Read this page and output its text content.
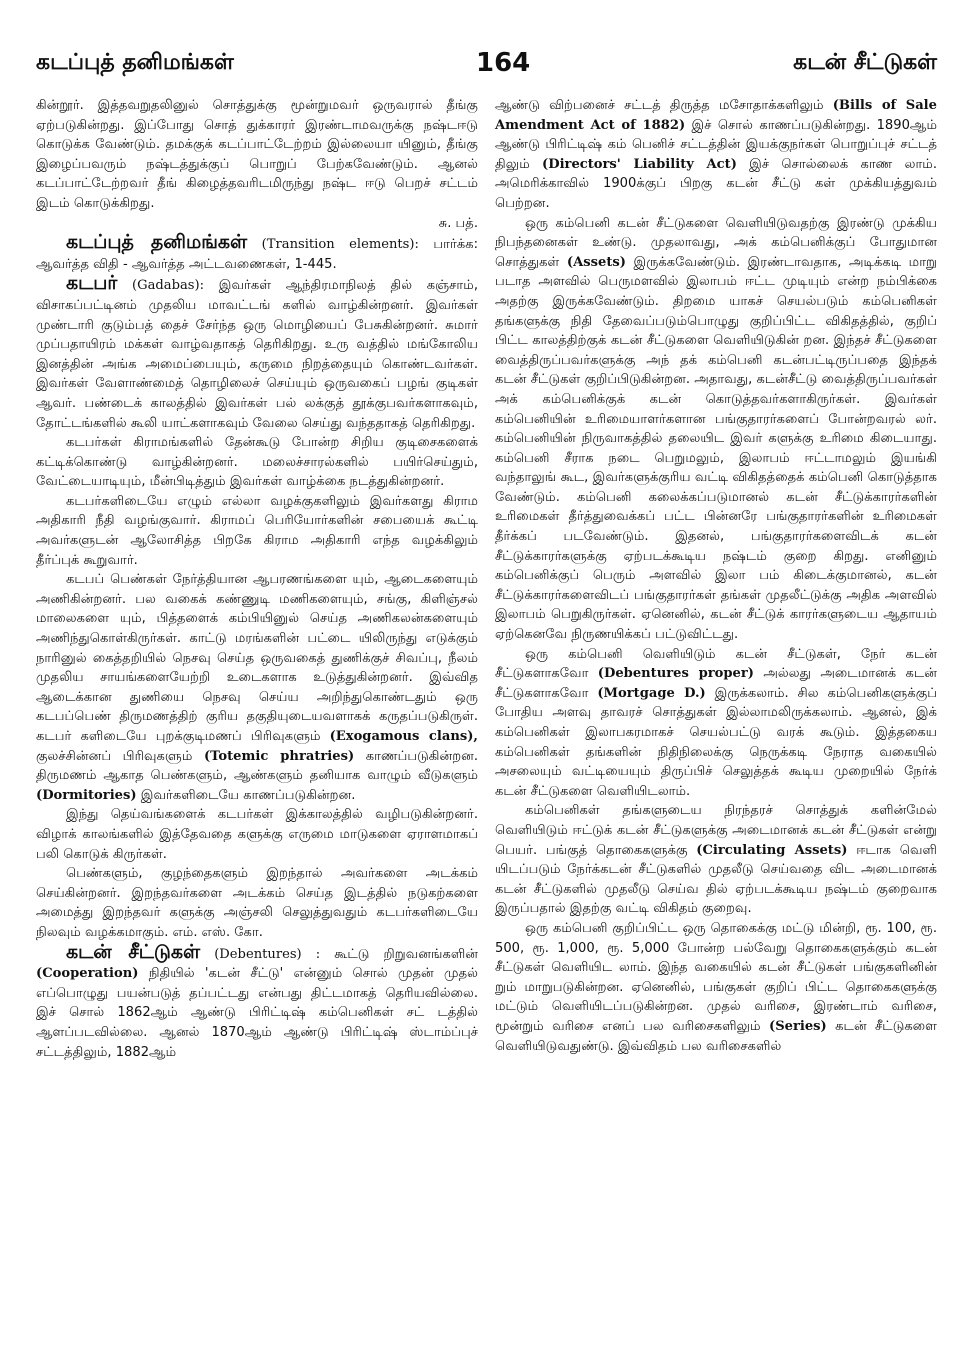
கடப்புத் தனிமங்கள்	164	கடன் சீட்டுகள்

கின்றூர். இத்தவறுதலினுல் சொத்துக்கு மூன்றுமவர் ஒருவரால் தீங்கு ஏற்படுகின்றது. இப்போது சொத் துக்காரர் இரண்டாமவருக்கு நஷ்டஈடு கொடுக்க வேண்டும். தமக்குக் கடப்பாட்டேற்றம் இல்லையா யினும், தீங்கு இழைப்பவரும் நஷ்டத்துக்குப் பொறுப் பேற்கவேண்டும். ஆனல் கடப்பாட்டேற்றவர் தீங் கிழைத்தவரிடமிருந்து நஷ்ட ஈடு பெறச் சட்டம் இடம் கொடுக்கிறது.

சு. பத்.

கடப்புத் தனிமங்கள் (Transition elements): பார்க்க: ஆவர்த்த விதி - ஆவர்த்த அட்டவணைகள், 1-445.

கடபர் (Gadabas): இவர்கள் ஆந்திரமாநிலத் தில் கஞ்சாம், விசாகப்பட்டினம் முதலிய மாவட்டங் களில் வாழ்கின்றனர். இவர்கள் முண்டாரி குடும்பத் தைச் சேர்ந்த ஒரு மொழியைப் பேசுகின்றனர். சுமார் முப்பதாயிரம் மக்கள் வாழ்வதாகத் தெரிகிறது. உரு வத்தில் மங்கோலிய இனத்தின் அங்க அமைப்பையும், கருமை நிறத்தையும் கொண்டவர்கள். இவர்கள் வேளாண்மைத் தொழிலைச் செய்யும் ஒருவகைப் பழங் குடிகள் ஆவர். பண்டைக் காலத்தில் இவர்கள் பல் லக்குத் தூக்குபவர்களாகவும், தோட்டங்களில் கூலி யாட்களாகவும் வேலை செய்து வந்ததாகத் தெரிகிறது.

கடபர்கள் கிராமங்களில் தேன்கூடு போன்ற சிறிய குடிசைகளைக் கட்டிக்கொண்டு வாழ்கின்றனர். மலைச்சாரல்களில் பயிர்செய்தும், வேட்டையாடியும், மீன்பிடித்தும் இவர்கள் வாழ்க்கை நடத்துகின்றனர்.

கடபர்களிடையே எழும் எல்லா வழக்குகளிலும் இவர்களது கிராம அதிகாரி நீதி வழங்குவார். கிராமப் பெரியோர்களின் சபையைக் கூட்டி அவர்களுடன் ஆலோசித்த பிறகே கிராம அதிகாரி எந்த வழக்கிலும் தீர்ப்புக் கூறுவார்.

கடபப் பெண்கள் நேர்த்தியான ஆபரணங்களை யும், ஆடைகளையும் அணிகின்றனர். பல வகைக் கண்ணுடி மணிகளையும், சங்கு, கிளிஞ்சல் மாலைகளை யும், பித்தளைக் கம்பியினுல் செய்த அணிகலன்களையும் அணிந்துகொள்கிருர்கள். காட்டு மரங்களின் பட்டை யிலிருந்து எடுக்கும் நாரினுல் கைத்தறியில் நெசவு செய்த ஒருவகைத் துணிக்குச் சிவப்பு, நீலம் முதலிய சாயங்களையேற்றி உடைகளாக உடுத்துகின்றனர். இவ்வித ஆடைக்கான துணியை நெசவு செய்ய அறிந்துகொண்டதும் ஒரு கடபப்பெண் திருமணத்திற் குரிய தகுதியுடையவளாகக் கருதப்படுகிருள். கடபர் களிடையே புறக்குடிமணப் பிரிவுகளும் (Exogamous clans), குலச்சின்னப் பிரிவுகளும் (Totemic phratries) காணப்படுகின்றன. திருமணம் ஆகாத பெண்களும், ஆண்களும் தனியாக வாழும் வீடுகளும் (Dormitories) இவர்களிடையே காணப்படுகின்றன.

இந்து தெய்வங்களைக் கடபர்கள் இக்காலத்தில் வழிபடுகின்றனர். விழாக் காலங்களில் இத்தேவதை களுக்கு எருமை மாடுகளை ஏராளமாகப் பலி கொடுக் கிருர்கள்.

பெண்களும், குழந்தைகளும் இறந்தால் அவர்களை அடக்கம் செய்கின்றனர். இறந்தவர்களை அடக்கம் செய்த இடத்தில் நடுகற்களை அமைத்து இறந்தவர் களுக்கு அஞ்சலி செலுத்துவதும் கடபர்களிடையே நிலவும் வழக்கமாகும். எம். எஸ். கோ.

கடன் சீட்டுகள் (Debentures) : கூட்டு றிறுவனங்களின் (Cooperation) நிதியில் 'கடன் சீட்டு' என்னும் சொல் முதன் முதல் எப்பொழுது பயன்படுத் தப்பட்டது என்பது திட்டமாகத் தெரியவில்லை. இச் சொல் 1862ஆம் ஆண்டு பிரிட்டிஷ் கம்பெனிகள் சட் டத்தில் ஆளப்படவில்லை. ஆனல் 1870ஆம் ஆண்டு பிரிட்டிஷ் ஸ்டாம்ப்புச் சட்டத்திலும், 1882ஆம்

ஆண்டு விற்பனைச் சட்டத் திருத்த மசோதாக்களிலும் (Bills of Sale Amendment Act of 1882) இச் சொல் காணப்படுகின்றது. 1890ஆம் ஆண்டு பிரிட்டிஷ் கம் பெனிச் சட்டத்தின் இயக்குநர்கள் பொறுப்புச் சட்டத் திலும் (Directors' Liability Act) இச் சொல்லைக் காண லாம். அமெரிக்காவில் 1900க்குப் பிறகு கடன் சீட்டு கள் முக்கியத்துவம் பெற்றன.

ஒரு கம்பெனி கடன் சீட்டுகளை வெளியிடுவதற்கு இரண்டு முக்கிய நிபந்தனைகள் உண்டு. முதலாவது, அக் கம்பெனிக்குப் போதுமான சொத்துகள் (Assets) இருக்கவேண்டும். இரண்டாவதாக, அடிக்கடி மாறு படாத அளவில் பெருமளவில் இலாபம் ஈட்ட முடியும் என்ற நம்பிக்கை அதற்கு இருக்கவேண்டும். திறமை யாகச் செயல்படும் கம்பெனிகள் தங்களுக்கு நிதி தேவைப்படும்பொழுது குறிப்பிட்ட விகிதத்தில், குறிப் பிட்ட காலத்திற்குக் கடன் சீட்டுகளை வெளியிடுகின் றன. இந்தச் சீட்டுகளை வைத்திருப்பவர்களுக்கு அந் தக் கம்பெனி கடன்பட்டிருப்பதை இந்தக் கடன் சீட்டுகள் குறிப்பிடுகின்றன. அதாவது, கடன்சீட்டு வைத்திருப்பவர்கள் அக் கம்பெனிக்குக் கடன் கொடுத்தவர்களாகிருர்கள். இவர்கள் கம்பெனியின் உரிமையாளர்களான பங்குதாரர்களைப் போன்றவரல் லர். கம்பெனியின் நிருவாகத்தில் தலையிட இவர் களுக்கு உரிமை கிடையாது. கம்பெனி சீராக நடை பெறுமலும், இலாபம் ஈட்டாமலும் இயங்கி வந்தாலுங் கூட, இவர்களுக்குரிய வட்டி விகிதத்தைக் கம்பெனி கொடுத்தாக வேண்டும். கம்பெனி கலைக்கப்படுமானல் கடன் சீட்டுக்காரர்களின் உரிமைகள் தீர்த்துவைக்கப் பட்ட பின்னரே பங்குதாரர்களின் உரிமைகள் தீர்க்கப் படவேண்டும். இதனல், பங்குதாரர்களைவிடக் கடன் சீட்டுக்காரர்களுக்கு ஏற்படக்கூடிய நஷ்டம் குறை கிறது. எனினும் கம்பெனிக்குப் பெரும் அளவில் இலா பம் கிடைக்குமானல், கடன் சீட்டுக்காரர்களைவிடப் பங்குதாரர்கள் தங்கள் முதலீட்டுக்கு அதிக அளவில் இலாபம் பெறுகிருர்கள். ஏனெனில், கடன் சீட்டுக் காரர்களுடைய ஆதாயம் ஏற்கெனவே நிருணயிக்கப் பட்டுவிட்டது.

ஒரு கம்பெனி வெளியிடும் கடன் சீட்டுகள், நேர் கடன் சீட்டுகளாகவோ (Debentures proper) அல்லது அடைமானக் கடன் சீட்டுகளாகவோ (Mortgage D.) இருக்கலாம். சில கம்பெனிகளுக்குப் போதிய அளவு தாவரச் சொத்துகள் இல்லாமலிருக்கலாம். ஆனல், இக் கம்பெனிகள் இலாபகரமாகச் செயல்பட்டு வரக் கூடும். இத்தகைய கம்பெனிகள் தங்களின் நிதிநிலைக்கு நெருக்கடி நேராத வகையில் அசலையும் வட்டியையும் திருப்பிச் செலுத்தக் கூடிய முறையில் நேர்க் கடன் சீட்டுகளை வெளியிடலாம்.

கம்பெனிகள் தங்களுடைய நிரந்தரச் சொத்துக் களின்மேல் வெளியிடும் ஈட்டுக் கடன் சீட்டுகளுக்கு அடைமானக் கடன் சீட்டுகள் என்று பெயர். பங்குத் தொகைகளுக்கு (Circulating Assets) ஈடாக வெளி யிடப்படும் நேர்க்கடன் சீட்டுகளில் முதலீடு செய்வதை விட அடைமானக் கடன் சீட்டுகளில் முதலீடு செய்வ தில் ஏற்படக்கூடிய நஷ்டம் குறைவாக இருப்பதால் இதற்கு வட்டி விகிதம் குறைவு.

ஒரு கம்பெனி குறிப்பிட்ட ஒரு தொகைக்கு மட்டு மின்றி, ரூ. 100, ரூ. 500, ரூ. 1,000, ரூ. 5,000 போன்ற பல்வேறு தொகைகளுக்கும் கடன் சீட்டுகள் வெளியிட லாம். இந்த வகையில் கடன் சீட்டுகள் பங்குகளினின் றும் மாறுபடுகின்றன. ஏனெனில், பங்குகள் குறிப் பிட்ட தொகைகளுக்கு மட்டும் வெளியிடப்படுகின்றன. முதல் வரிசை, இரண்டாம் வரிசை, மூன்றும் வரிசை எனப் பல வரிசைகளிலும் (Series) கடன் சீட்டுகளை வெளியிடுவதுண்டு. இவ்விதம் பல வரிசைகளில்
